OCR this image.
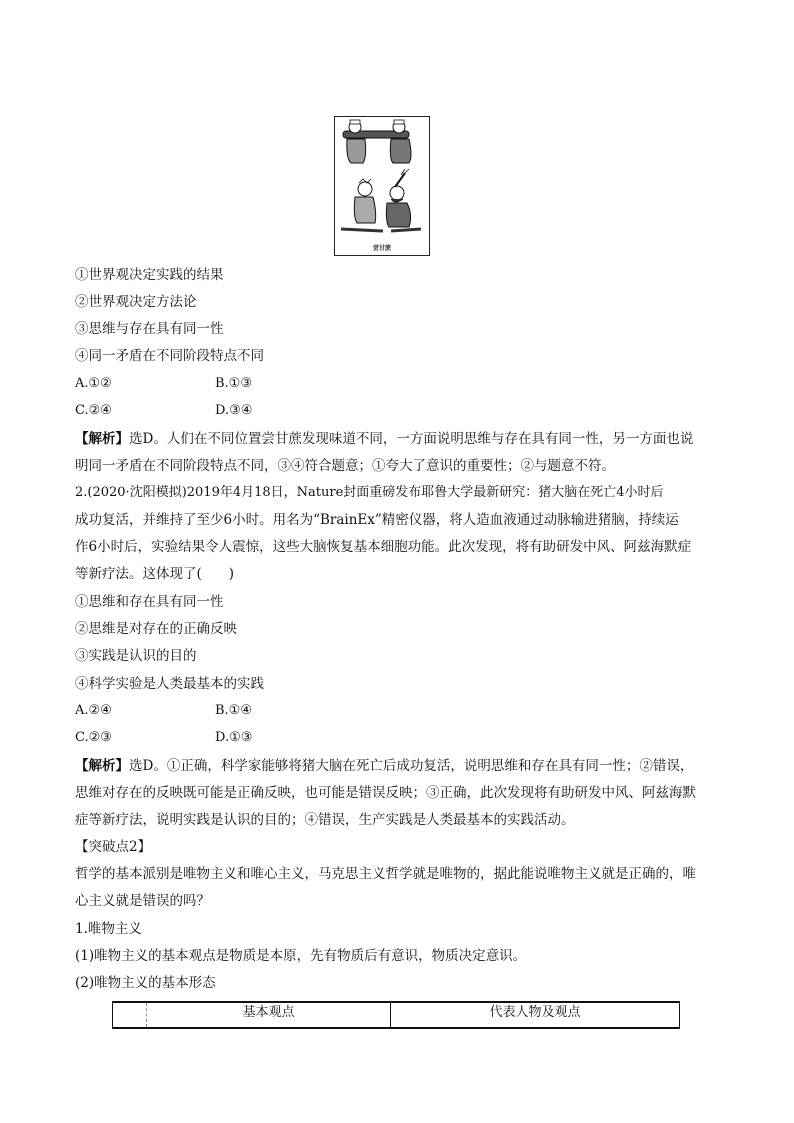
尝甘蔗
①世界观决定实践的结果
②世界观决定方法论
③思维与存在具有同一性
④同一矛盾在不同阶段特点不同
A.①②	B.①③
C.②④	D.③④
【解析】选D。人们在不同位置尝甘蔗发现味道不同，一方面说明思维与存在具有同一性，另一方面也说
明同一矛盾在不同阶段特点不同，③④符合题意；①夸大了意识的重要性；②与题意不符。
2.(2020·沈阳模拟)2019年4月18日，Nature封面重磅发布耶鲁大学最新研究：猪大脑在死亡4小时后
成功复活，并维持了至少6小时。用名为“BrainEx”精密仪器，将人造血液通过动脉输进猪脑，持续运
作6小时后，实验结果令人震惊，这些大脑恢复基本细胞功能。此次发现，将有助研发中风、阿兹海默症
等新疗法。这体现了(　　)
①思维和存在具有同一性
②思维是对存在的正确反映
③实践是认识的目的
④科学实验是人类最基本的实践
A.②④	B.①④
C.②③	D.①③
【解析】选D。①正确，科学家能够将猪大脑在死亡后成功复活，说明思维和存在具有同一性；②错误，
思维对存在的反映既可能是正确反映，也可能是错误反映；③正确，此次发现将有助研发中风、阿兹海默
症等新疗法，说明实践是认识的目的；④错误，生产实践是人类最基本的实践活动。
【突破点2】
哲学的基本派别是唯物主义和唯心主义，马克思主义哲学就是唯物的，据此能说唯物主义就是正确的，唯
心主义就是错误的吗？
1.唯物主义
(1)唯物主义的基本观点是物质是本原，先有物质后有意识，物质决定意识。
(2)唯物主义的基本形态
基本观点	代表人物及观点
